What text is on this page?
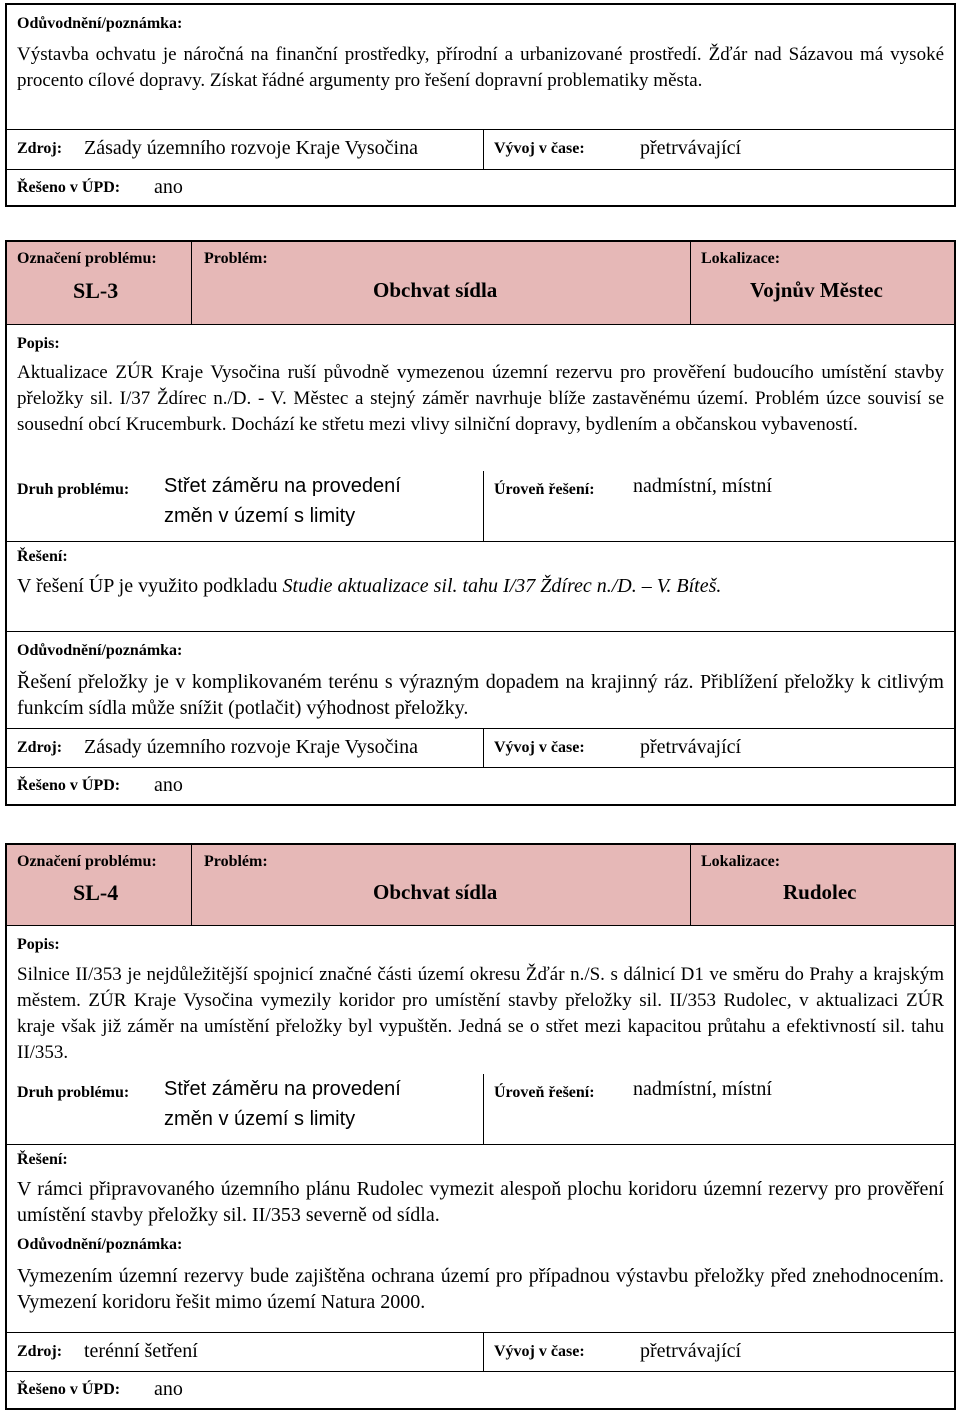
Odůvodnění/poznámka:
Výstavba ochvatu je náročná na finanční prostředky, přírodní a urbanizované prostředí. Žďár nad Sázavou má vysoké procento cílové dopravy. Získat řádné argumenty pro řešení dopravní problematiky města.
Zdroj: Zásady územního rozvoje Kraje Vysočina	Vývoj v čase:	přetrvávající
Řešeno v ÚPD: ano
Označení problému:
SL-3
Problém:
Obchvat sídla
Lokalizace:
Vojnův Městec
Popis:
Aktualizace ZÚR Kraje Vysočina ruší původně vymezenou územní rezervu pro prověření budoucího umístění stavby přeložky sil. I/37 Ždírec n./D. - V. Městec a stejný záměr navrhuje blíže zastavěnému území. Problém úzce souvisí se sousední obcí Krucemburk. Dochází ke střetu mezi vlivy silniční dopravy, bydlením a občanskou vybaveností.
Druh problému: Střet záměru na provedení
změn v území s limity
Úroveň řešení: nadmístní, místní
Řešení:
V řešení ÚP je využito podkladu Studie aktualizace sil. tahu I/37 Ždírec n./D. – V. Bíteš.
Odůvodnění/poznámka:
Řešení přeložky je v komplikovaném terénu s výrazným dopadem na krajinný ráz. Přiblížení přeložky k citlivým funkcím sídla může snížit (potlačit) výhodnost přeložky.
Zdroj: Zásady územního rozvoje Kraje Vysočina	Vývoj v čase:	přetrvávající
Řešeno v ÚPD: ano
Označení problému:
SL-4
Problém:
Obchvat sídla
Lokalizace:
Rudolec
Popis:
Silnice II/353 je nejdůležitější spojnicí značné části území okresu Žďár n./S. s dálnicí D1 ve směru do Prahy a krajským městem. ZÚR Kraje Vysočina vymezily koridor pro umístění stavby přeložky sil. II/353 Rudolec, v aktualizaci ZÚR kraje však již záměr na umístění přeložky byl vypuštěn. Jedná se o střet mezi kapacitou průtahu a efektivností sil. tahu II/353.
Druh problému: Střet záměru na provedení
změn v území s limity
Úroveň řešení: nadmístní, místní
Řešení:
V rámci připravovaného územního plánu Rudolec vymezit alespoň plochu koridoru územní rezervy pro prověření umístění stavby přeložky sil. II/353 severně od sídla.
Odůvodnění/poznámka:
Vymezením územní rezervy bude zajištěna ochrana území pro případnou výstavbu přeložky před znehodnocením. Vymezení koridoru řešit mimo území Natura 2000.
Zdroj: terénní šetření	Vývoj v čase:	přetrvávající
Řešeno v ÚPD: ano
